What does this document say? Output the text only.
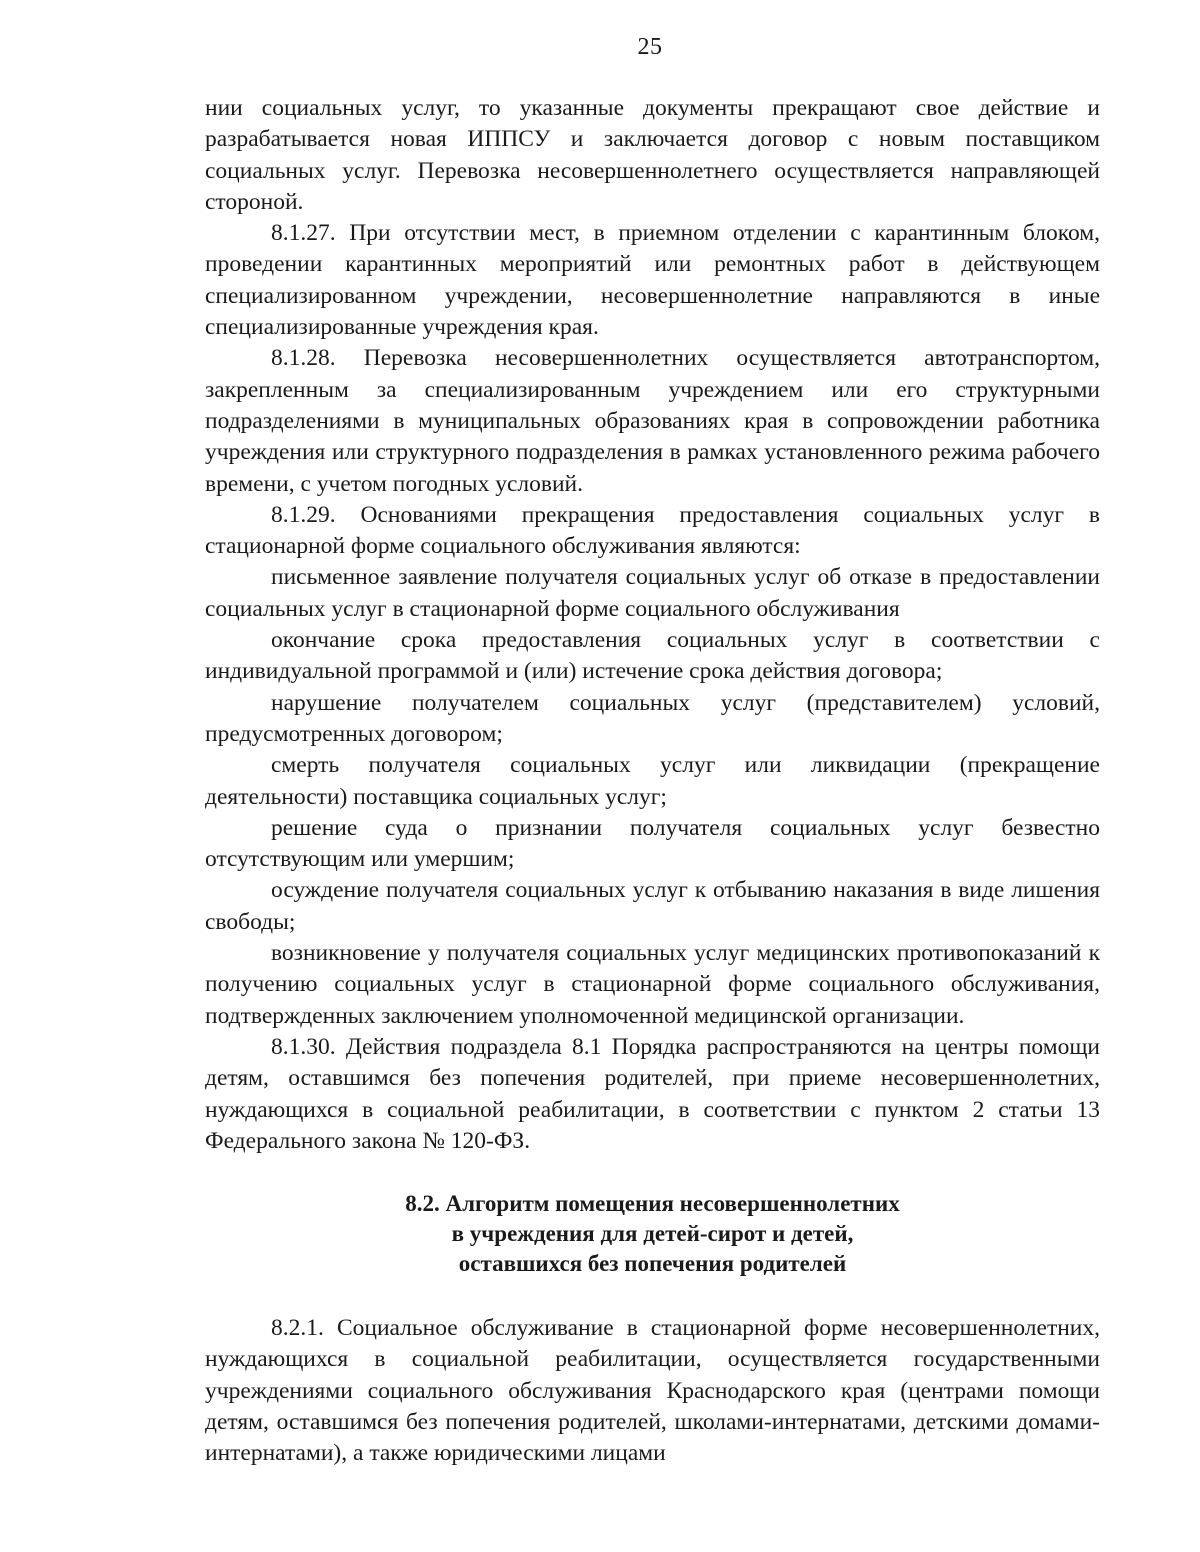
25

нии социальных услуг, то указанные документы прекращают свое действие и разрабатывается новая ИППСУ и заключается договор с новым поставщиком социальных услуг. Перевозка несовершеннолетнего осуществляется направляющей стороной.

8.1.27. При отсутствии мест, в приемном отделении с карантинным блоком, проведении карантинных мероприятий или ремонтных работ в действующем специализированном учреждении, несовершеннолетние направляются в иные специализированные учреждения края.

8.1.28. Перевозка несовершеннолетних осуществляется автотранспортом, закрепленным за специализированным учреждением или его структурными подразделениями в муниципальных образованиях края в сопровождении работника учреждения или структурного подразделения в рамках установленного режима рабочего времени, с учетом погодных условий.

8.1.29. Основаниями прекращения предоставления социальных услуг в стационарной форме социального обслуживания являются:

письменное заявление получателя социальных услуг об отказе в предоставлении социальных услуг в стационарной форме социального обслуживания

окончание срока предоставления социальных услуг в соответствии с индивидуальной программой и (или) истечение срока действия договора;

нарушение получателем социальных услуг (представителем) условий, предусмотренных договором;

смерть получателя социальных услуг или ликвидации (прекращение деятельности) поставщика социальных услуг;

решение суда о признании получателя социальных услуг безвестно отсутствующим или умершим;

осуждение получателя социальных услуг к отбыванию наказания в виде лишения свободы;

возникновение у получателя социальных услуг медицинских противопоказаний к получению социальных услуг в стационарной форме социального обслуживания, подтвержденных заключением уполномоченной медицинской организации.

8.1.30. Действия подраздела 8.1 Порядка распространяются на центры помощи детям, оставшимся без попечения родителей, при приеме несовершеннолетних, нуждающихся в социальной реабилитации, в соответствии с пунктом 2 статьи 13 Федерального закона № 120-ФЗ.

8.2. Алгоритм помещения несовершеннолетних
в учреждения для детей-сирот и детей,
оставшихся без попечения родителей

8.2.1. Социальное обслуживание в стационарной форме несовершеннолетних, нуждающихся в социальной реабилитации, осуществляется государственными учреждениями социального обслуживания Краснодарского края (центрами помощи детям, оставшимся без попечения родителей, школами-интернатами, детскими домами-интернатами), а также юридическими лицами
